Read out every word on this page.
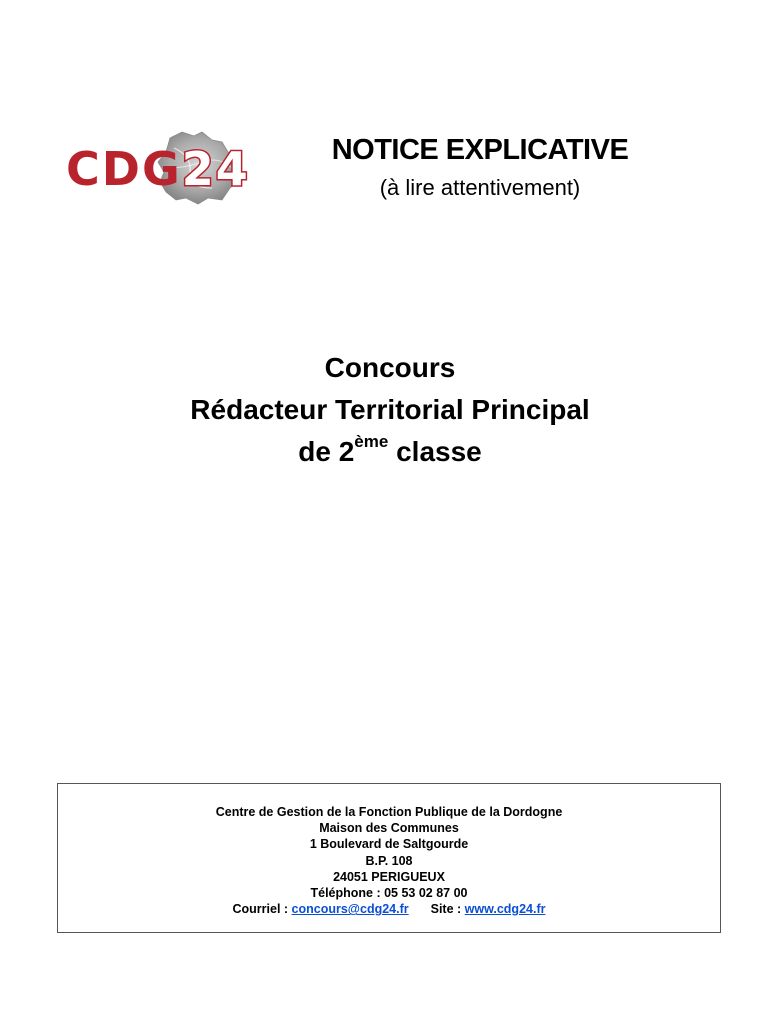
CDG24	NOTICE EXPLICATIVE
(à lire attentivement)
Concours
Rédacteur Territorial Principal
de 2ème classe
Centre de Gestion de la Fonction Publique de la Dordogne
Maison des Communes
1 Boulevard de Saltgourde
B.P. 108
24051 PERIGUEUX
Téléphone : 05 53 02 87 00
Courriel : concours@cdg24.fr Site : www.cdg24.fr
